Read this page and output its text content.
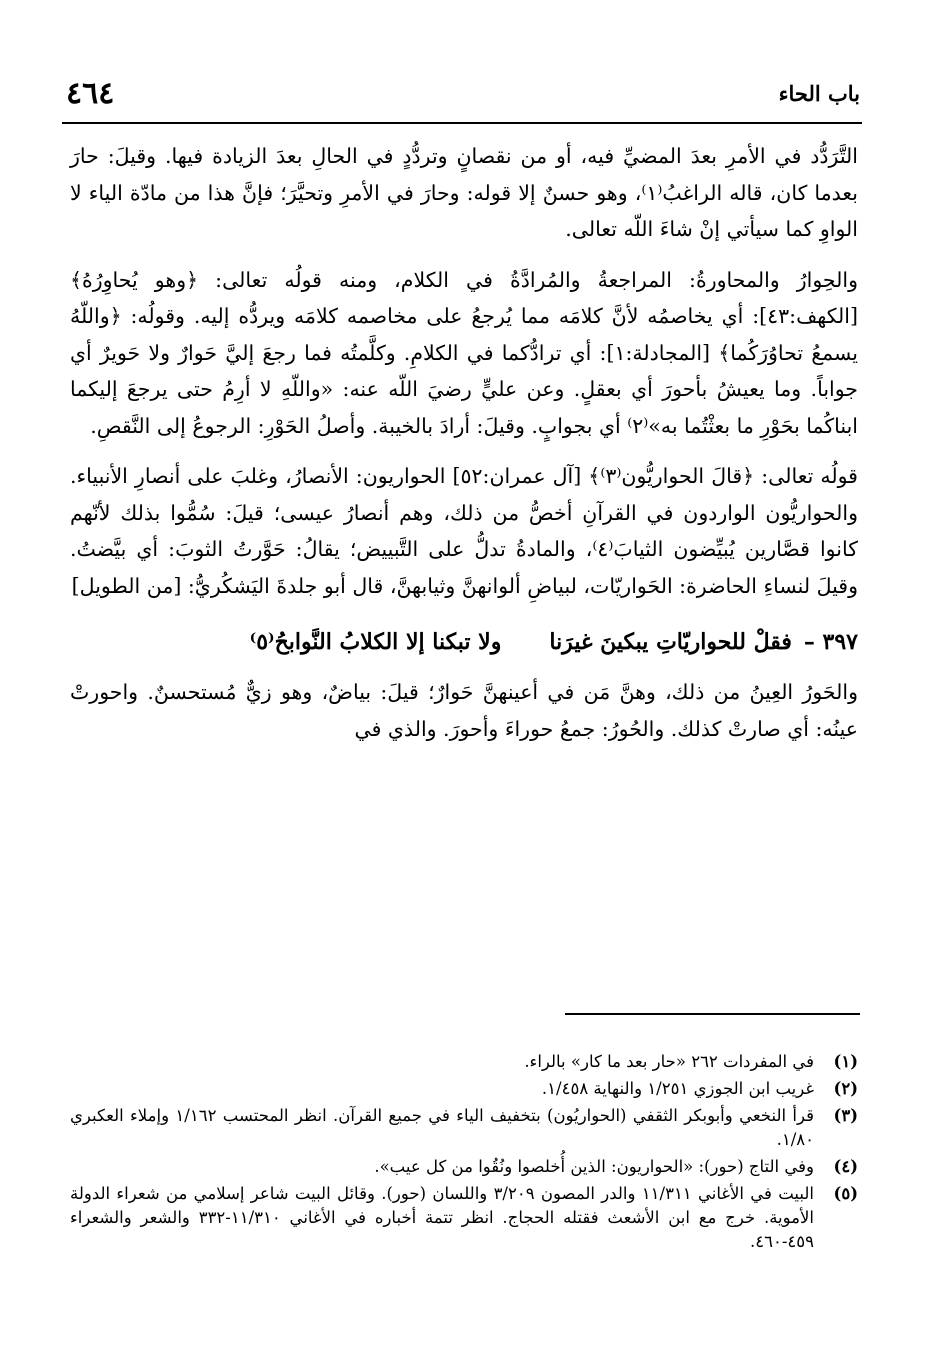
باب الحاء
٤٦٤

التَّرَدُّد في الأمرِ بعدَ المضيِّ فيه، أو من نقصانٍ وتردُّدٍ في الحالِ بعدَ الزيادة فيها. وقيلَ: حارَ بعدما كان، قاله الراغبُ⁽١⁾، وهو حسنٌ إلا قوله: وحارَ في الأمرِ وتحيَّرَ؛ فإنَّ هذا من مادّة الياء لا الواوِ كما سيأتي إنْ شاءَ اللّه تعالى.

والحِوارُ والمحاورةُ: المراجعةُ والمُرادَّةُ في الكلام، ومنه قولُه تعالى: ﴿وهو يُحاوِرُهُ﴾ [الكهف:٤٣]: أي يخاصمُه لأنَّ كلامَه مما يُرجعُ على مخاصمه كلامَه ويردُّه إليه. وقولُه: ﴿واللّهُ يسمعُ تحاوُرَكُما﴾ [المجادلة:١]: أي ترادُّكما في الكلامِ. وكلَّمتُه فما رجعَ إليَّ حَوارٌ ولا حَويرٌ أي جواباً. وما يعيشُ بأحورَ أي بعقلٍ. وعن عليٍّ رضيَ اللّه عنه: «واللّهِ لا أرِمُ حتى يرجعَ إليكما ابناكُما بحَوْرِ ما بعثْتُما به»⁽٢⁾ أي بجوابٍ. وقيلَ: أرادَ بالخيبة. وأصلُ الحَوْرِ: الرجوعُ إلى النَّقصِ.

قولُه تعالى: ﴿قالَ الحواريُّون⁽٣⁾﴾ [آل عمران:٥٢] الحواريون: الأنصارُ، وغلبَ على أنصارِ الأنبياء. والحواريُّون الواردون في القرآنِ أخصُّ من ذلك، وهم أنصارُ عيسى؛ قيلَ: سُمُّوا بذلك لأنّهم كانوا قصَّارين يُبيِّضون الثيابَ⁽٤⁾، والمادةُ تدلُّ على التَّبييض؛ يقالُ: حَوَّرتُ الثوبَ: أي بيَّضتُ. وقيلَ لنساءِ الحاضرة: الحَواريّات، لبياضِ ألوانهنَّ وثيابهنَّ، قال أبو جلدةَ اليَشكُريُّ: [من الطويل]

٣٩٧ –
فقلْ للحواريّاتِ يبكينَ غيرَنا
ولا تبكنا إلا الكلابُ النَّوابحُ⁽٥⁾

والحَورُ العِينُ من ذلك، وهنَّ مَن في أعينهنَّ حَوارٌ؛ قيلَ: بياضٌ، وهو زيٌّ مُستحسنٌ. واحورتْ عينُه: أي صارتْ كذلك. والحُورُ: جمعُ حوراءَ وأحورَ. والذي في

(١)
في المفردات ٢٦٢ «حار بعد ما كار» بالراء.
(٢)
غريب ابن الجوزي ١/٢٥١ والنهاية ١/٤٥٨.
(٣)
قرأ النخعي وأبوبكر الثقفي (الحواريُون) بتخفيف الياء في جميع القرآن. انظر المحتسب ١/١٦٢ وإملاء العكبري ١/٨٠.
(٤)
وفي التاج (حور): «الحواريون: الذين أُخلصوا ونُقُوا من كل عيب».
(٥)
البيت في الأغاني ١١/٣١١ والدر المصون ٣/٢٠٩ واللسان (حور). وقائل البيت شاعر إسلامي من شعراء الدولة الأموية. خرج مع ابن الأشعث فقتله الحجاج. انظر تتمة أخباره في الأغاني ١١/٣١٠-٣٣٢ والشعر والشعراء ٤٥٩-٤٦٠.
